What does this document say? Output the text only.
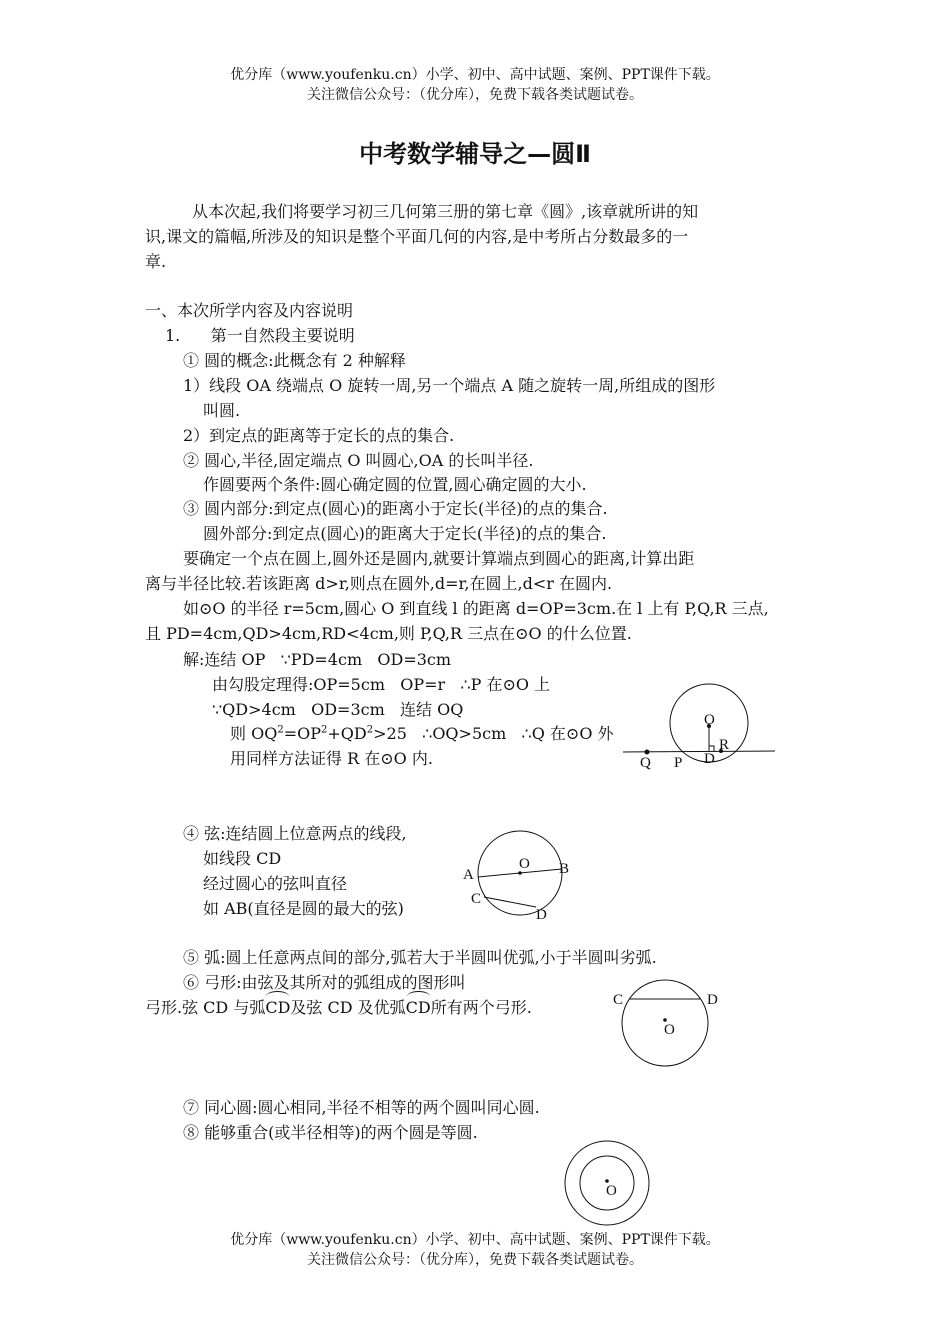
优分库（www.youfenku.cn）小学、初中、高中试题、案例、PPT课件下载。
关注微信公众号：（优分库），免费下载各类试题试卷。
中考数学辅导之—圆Ⅱ
从本次起,我们将要学习初三几何第三册的第七章《圆》,该章就所讲的知
识,课文的篇幅,所涉及的知识是整个平面几何的内容,是中考所占分数最多的一
章.
一、本次所学内容及内容说明
1.      第一自然段主要说明
① 圆的概念:此概念有 2 种解释
1）线段 OA 绕端点 O 旋转一周,另一个端点 A 随之旋转一周,所组成的图形
叫圆.
2）到定点的距离等于定长的点的集合.
② 圆心,半径,固定端点 O 叫圆心,OA 的长叫半径.
作圆要两个条件:圆心确定圆的位置,圆心确定圆的大小.
③ 圆内部分:到定点(圆心)的距离小于定长(半径)的点的集合.
圆外部分:到定点(圆心)的距离大于定长(半径)的点的集合.
要确定一个点在圆上,圆外还是圆内,就要计算端点到圆心的距离,计算出距
离与半径比较.若该距离 d>r,则点在圆外,d=r,在圆上,d<r 在圆内.
如⊙O 的半径 r=5cm,圆心 O 到直线 l 的距离 d=OP=3cm.在 l 上有 P,Q,R 三点,
且 PD=4cm,QD>4cm,RD<4cm,则 P,Q,R 三点在⊙O 的什么位置.
解:连结 OP   ∵PD=4cm   OD=3cm
由勾股定理得:OP=5cm   OP=r   ∴P 在⊙O 上
∵QD>4cm   OD=3cm   连结 OQ
则 $OQ^2=OP^2+QD^2>25$   ∴OQ>5cm   ∴Q 在⊙O 外
用同样方法证得 R 在⊙O 内.
④ 弦:连结圆上位意两点的线段,
如线段 CD
经过圆心的弦叫直径
如 AB(直径是圆的最大的弦)
⑤ 弧:圆上任意两点间的部分,弧若大于半圆叫优弧,小于半圆叫劣弧.
⑥ 弓形:由弦及其所对的弧组成的图形叫
弓形.弦 CD 与弧CD及弦 CD 及优弧CD所有两个弓形.
⑦ 同心圆:圆心相同,半径不相等的两个圆叫同心圆.
⑧ 能够重合(或半径相等)的两个圆是等圆.
O
R
D
Q P
A	B
O
C
D
C	D
O
O
优分库（www.youfenku.cn）小学、初中、高中试题、案例、PPT课件下载。
关注微信公众号：（优分库），免费下载各类试题试卷。
